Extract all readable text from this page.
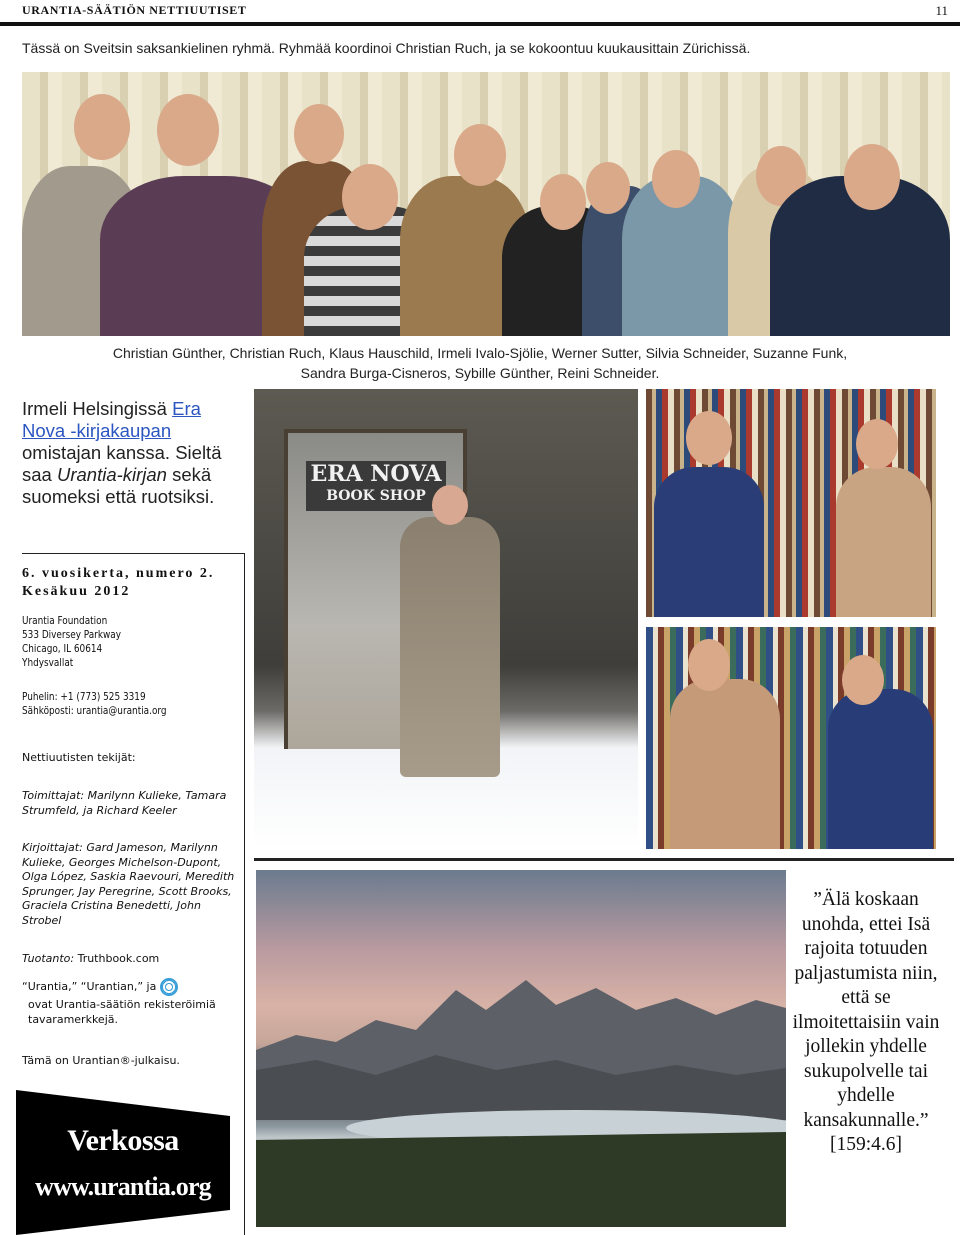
URANTIA-SÄÄTIÖN NETTIUUTISET	11
Tässä on Sveitsin saksankielinen ryhmä. Ryhmää koordinoi Christian Ruch, ja se kokoontuu kuukausittain Zürichissä.
Christian Günther, Christian Ruch, Klaus Hauschild, Irmeli Ivalo-Sjölie, Werner Sutter, Silvia Schneider, Suzanne Funk,
Sandra Burga-Cisneros, Sybille Günther, Reini Schneider.
Irmeli Helsingissä Era Nova -kirjakaupan omistajan kanssa. Sieltä saa Urantia-kirjan sekä suomeksi että ruotsiksi.
ERA NOVA
BOOK SHOP
6. vuosikerta, numero 2.
Kesäkuu 2012
Urantia Foundation
533 Diversey Parkway
Chicago, IL 60614
Yhdysvallat
Puhelin: +1 (773) 525 3319
Sähköposti: urantia@urantia.org
Nettiuutisten tekijät:
Toimittajat: Marilynn Kulieke, Tamara Strumfeld, ja Richard Keeler
Kirjoittajat: Gard Jameson, Marilynn Kulieke, Georges Michelson-Dupont, Olga López, Saskia Raevouri, Meredith Sprunger, Jay Peregrine, Scott Brooks, Graciela Cristina Benedetti, John Strobel
Tuotanto: Truthbook.com
“Urantia,” “Urantian,” ja
ovat Urantia-säätiön rekisteröimiä tavaramerkkejä.
Tämä on Urantian®-julkaisu.
Verkossa
www.urantia.org
”Älä koskaan unohda, ettei Isä rajoita totuuden paljastumista niin, että se ilmoitettaisiin vain jollekin yhdelle sukupolvelle tai yhdelle kansakunnalle.”
[159:4.6]
